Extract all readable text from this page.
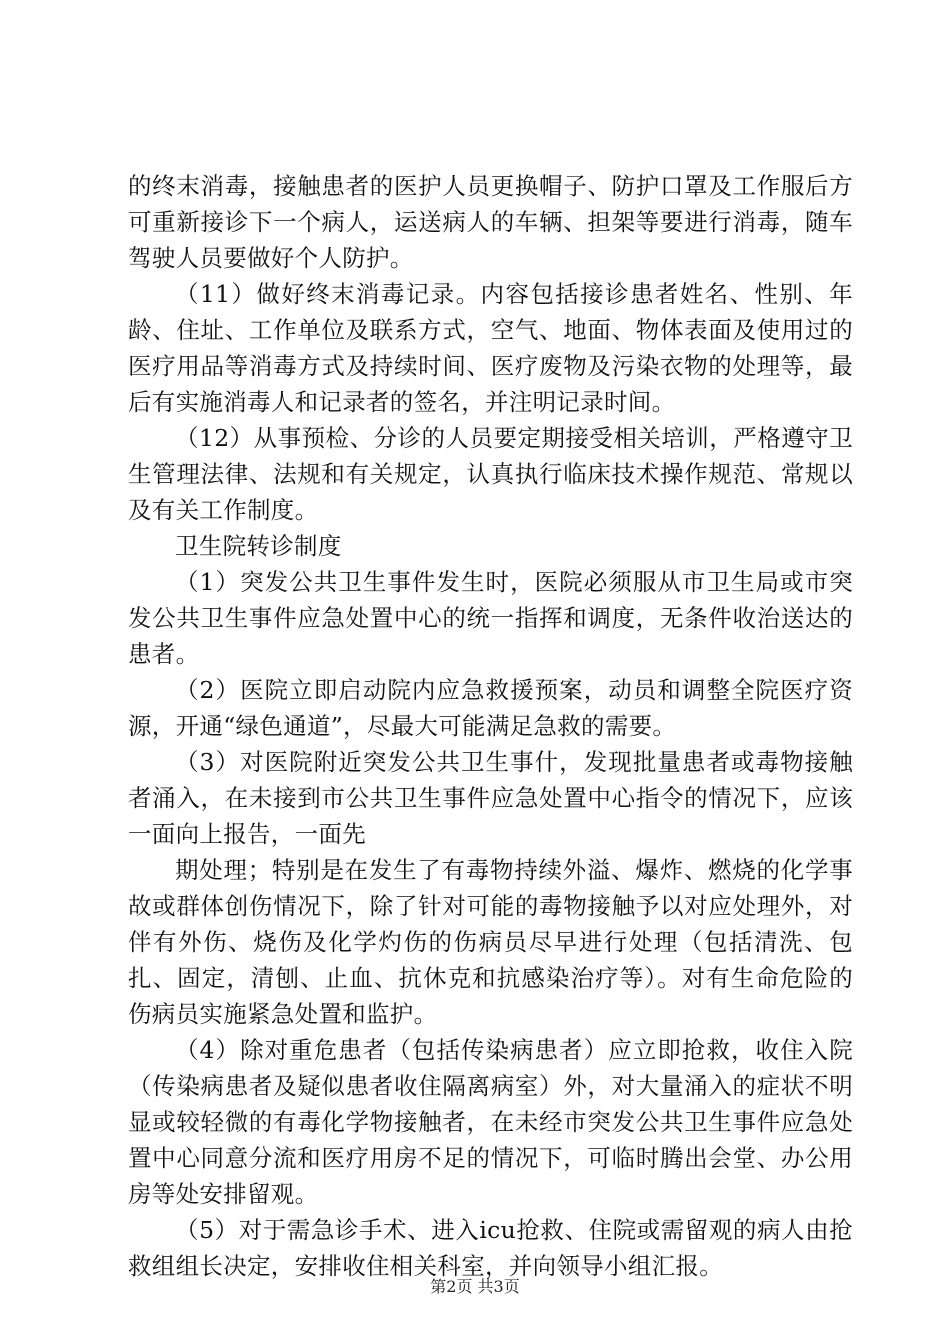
的终末消毒，接触患者的医护人员更换帽子、防护口罩及工作服后方可重新接诊下一个病人，运送病人的车辆、担架等要进行消毒，随车驾驶人员要做好个人防护。

（11）做好终末消毒记录。内容包括接诊患者姓名、性别、年龄、住址、工作单位及联系方式，空气、地面、物体表面及使用过的医疗用品等消毒方式及持续时间、医疗废物及污染衣物的处理等，最后有实施消毒人和记录者的签名，并注明记录时间。

（12）从事预检、分诊的人员要定期接受相关培训，严格遵守卫生管理法律、法规和有关规定，认真执行临床技术操作规范、常规以及有关工作制度。

卫生院转诊制度

（1）突发公共卫生事件发生时，医院必须服从市卫生局或市突发公共卫生事件应急处置中心的统一指挥和调度，无条件收治送达的患者。

（2）医院立即启动院内应急救援预案，动员和调整全院医疗资源，开通“绿色通道”，尽最大可能满足急救的需要。

（3）对医院附近突发公共卫生事什，发现批量患者或毒物接触者涌入，在未接到市公共卫生事件应急处置中心指令的情况下，应该一面向上报告，一面先

期处理；特别是在发生了有毒物持续外溢、爆炸、燃烧的化学事故或群体创伤情况下，除了针对可能的毒物接触予以对应处理外，对伴有外伤、烧伤及化学灼伤的伤病员尽早进行处理（包括清洗、包扎、固定，清刨、止血、抗休克和抗感染治疗等）。对有生命危险的伤病员实施紧急处置和监护。

（4）除对重危患者（包括传染病患者）应立即抢救，收住入院（传染病患者及疑似患者收住隔离病室）外，对大量涌入的症状不明显或较轻微的有毒化学物接触者，在未经市突发公共卫生事件应急处置中心同意分流和医疗用房不足的情况下，可临时腾出会堂、办公用房等处安排留观。

（5）对于需急诊手术、进入icu抢救、住院或需留观的病人由抢救组组长决定，安排收住相关科室，并向领导小组汇报。

第2页 共3页
